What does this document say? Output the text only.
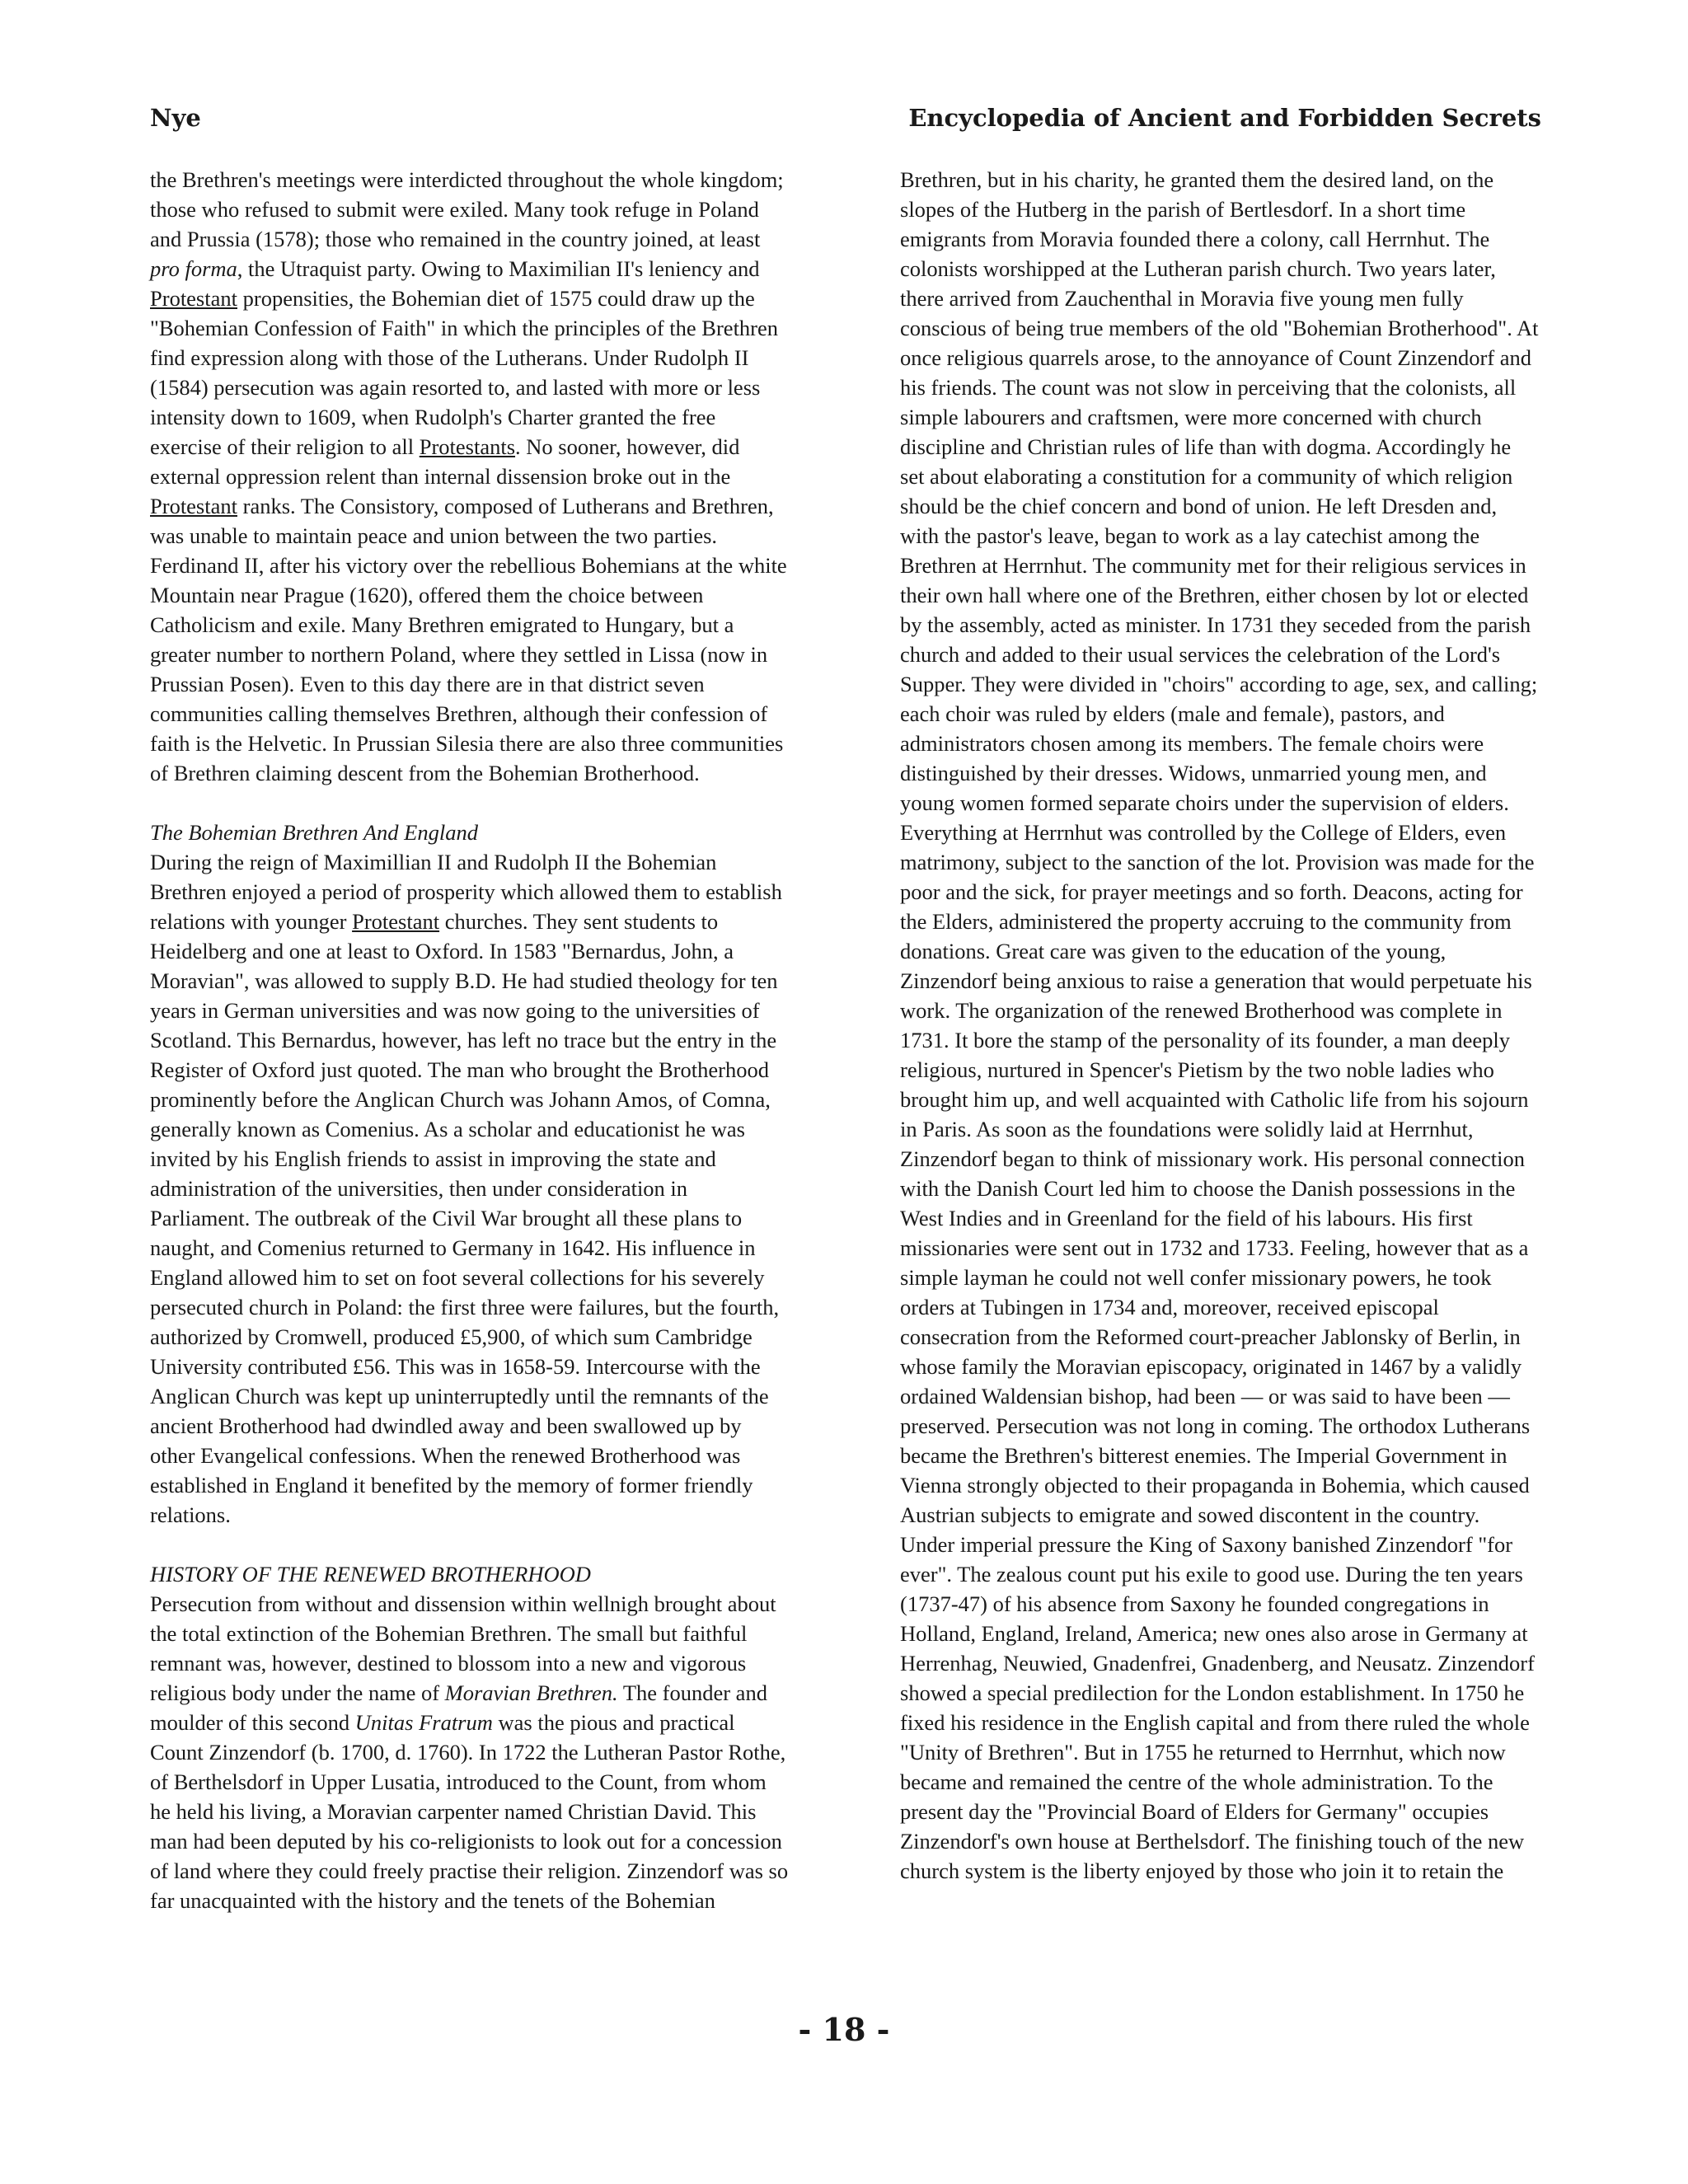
Nye	Encyclopedia of Ancient and Forbidden Secrets

the Brethren's meetings were interdicted throughout the whole kingdom; those who refused to submit were exiled. Many took refuge in Poland and Prussia (1578); those who remained in the country joined, at least pro forma, the Utraquist party. Owing to Maximilian II's leniency and Protestant propensities, the Bohemian diet of 1575 could draw up the "Bohemian Confession of Faith" in which the principles of the Brethren find expression along with those of the Lutherans. Under Rudolph II (1584) persecution was again resorted to, and lasted with more or less intensity down to 1609, when Rudolph's Charter granted the free exercise of their religion to all Protestants. No sooner, however, did external oppression relent than internal dissension broke out in the Protestant ranks. The Consistory, composed of Lutherans and Brethren, was unable to maintain peace and union between the two parties. Ferdinand II, after his victory over the rebellious Bohemians at the white Mountain near Prague (1620), offered them the choice between Catholicism and exile. Many Brethren emigrated to Hungary, but a greater number to northern Poland, where they settled in Lissa (now in Prussian Posen). Even to this day there are in that district seven communities calling themselves Brethren, although their confession of faith is the Helvetic. In Prussian Silesia there are also three communities of Brethren claiming descent from the Bohemian Brotherhood.

The Bohemian Brethren And England

During the reign of Maximillian II and Rudolph II the Bohemian Brethren enjoyed a period of prosperity which allowed them to establish relations with younger Protestant churches. They sent students to Heidelberg and one at least to Oxford. In 1583 "Bernardus, John, a Moravian", was allowed to supply B.D. He had studied theology for ten years in German universities and was now going to the universities of Scotland. This Bernardus, however, has left no trace but the entry in the Register of Oxford just quoted. The man who brought the Brotherhood prominently before the Anglican Church was Johann Amos, of Comna, generally known as Comenius. As a scholar and educationist he was invited by his English friends to assist in improving the state and administration of the universities, then under consideration in Parliament. The outbreak of the Civil War brought all these plans to naught, and Comenius returned to Germany in 1642. His influence in England allowed him to set on foot several collections for his severely persecuted church in Poland: the first three were failures, but the fourth, authorized by Cromwell, produced £5,900, of which sum Cambridge University contributed £56. This was in 1658-59. Intercourse with the Anglican Church was kept up uninterruptedly until the remnants of the ancient Brotherhood had dwindled away and been swallowed up by other Evangelical confessions. When the renewed Brotherhood was established in England it benefited by the memory of former friendly relations.

HISTORY OF THE RENEWED BROTHERHOOD

Persecution from without and dissension within wellnigh brought about the total extinction of the Bohemian Brethren. The small but faithful remnant was, however, destined to blossom into a new and vigorous religious body under the name of Moravian Brethren. The founder and moulder of this second Unitas Fratrum was the pious and practical Count Zinzendorf (b. 1700, d. 1760). In 1722 the Lutheran Pastor Rothe, of Berthelsdorf in Upper Lusatia, introduced to the Count, from whom he held his living, a Moravian carpenter named Christian David. This man had been deputed by his co-religionists to look out for a concession of land where they could freely practise their religion. Zinzendorf was so far unacquainted with the history and the tenets of the Bohemian

Brethren, but in his charity, he granted them the desired land, on the slopes of the Hutberg in the parish of Bertlesdorf. In a short time emigrants from Moravia founded there a colony, call Herrnhut. The colonists worshipped at the Lutheran parish church. Two years later, there arrived from Zauchenthal in Moravia five young men fully conscious of being true members of the old "Bohemian Brotherhood". At once religious quarrels arose, to the annoyance of Count Zinzendorf and his friends. The count was not slow in perceiving that the colonists, all simple labourers and craftsmen, were more concerned with church discipline and Christian rules of life than with dogma. Accordingly he set about elaborating a constitution for a community of which religion should be the chief concern and bond of union. He left Dresden and, with the pastor's leave, began to work as a lay catechist among the Brethren at Herrnhut. The community met for their religious services in their own hall where one of the Brethren, either chosen by lot or elected by the assembly, acted as minister. In 1731 they seceded from the parish church and added to their usual services the celebration of the Lord's Supper. They were divided in "choirs" according to age, sex, and calling; each choir was ruled by elders (male and female), pastors, and administrators chosen among its members. The female choirs were distinguished by their dresses. Widows, unmarried young men, and young women formed separate choirs under the supervision of elders. Everything at Herrnhut was controlled by the College of Elders, even matrimony, subject to the sanction of the lot. Provision was made for the poor and the sick, for prayer meetings and so forth. Deacons, acting for the Elders, administered the property accruing to the community from donations. Great care was given to the education of the young, Zinzendorf being anxious to raise a generation that would perpetuate his work. The organization of the renewed Brotherhood was complete in 1731. It bore the stamp of the personality of its founder, a man deeply religious, nurtured in Spencer's Pietism by the two noble ladies who brought him up, and well acquainted with Catholic life from his sojourn in Paris. As soon as the foundations were solidly laid at Herrnhut, Zinzendorf began to think of missionary work. His personal connection with the Danish Court led him to choose the Danish possessions in the West Indies and in Greenland for the field of his labours. His first missionaries were sent out in 1732 and 1733. Feeling, however that as a simple layman he could not well confer missionary powers, he took orders at Tubingen in 1734 and, moreover, received episcopal consecration from the Reformed court-preacher Jablonsky of Berlin, in whose family the Moravian episcopacy, originated in 1467 by a validly ordained Waldensian bishop, had been — or was said to have been — preserved. Persecution was not long in coming. The orthodox Lutherans became the Brethren's bitterest enemies. The Imperial Government in Vienna strongly objected to their propaganda in Bohemia, which caused Austrian subjects to emigrate and sowed discontent in the country. Under imperial pressure the King of Saxony banished Zinzendorf "for ever". The zealous count put his exile to good use. During the ten years (1737-47) of his absence from Saxony he founded congregations in Holland, England, Ireland, America; new ones also arose in Germany at Herrenhag, Neuwied, Gnadenfrei, Gnadenberg, and Neusatz. Zinzendorf showed a special predilection for the London establishment. In 1750 he fixed his residence in the English capital and from there ruled the whole "Unity of Brethren". But in 1755 he returned to Herrnhut, which now became and remained the centre of the whole administration. To the present day the "Provincial Board of Elders for Germany" occupies Zinzendorf's own house at Berthelsdorf. The finishing touch of the new church system is the liberty enjoyed by those who join it to retain the

- 18 -
